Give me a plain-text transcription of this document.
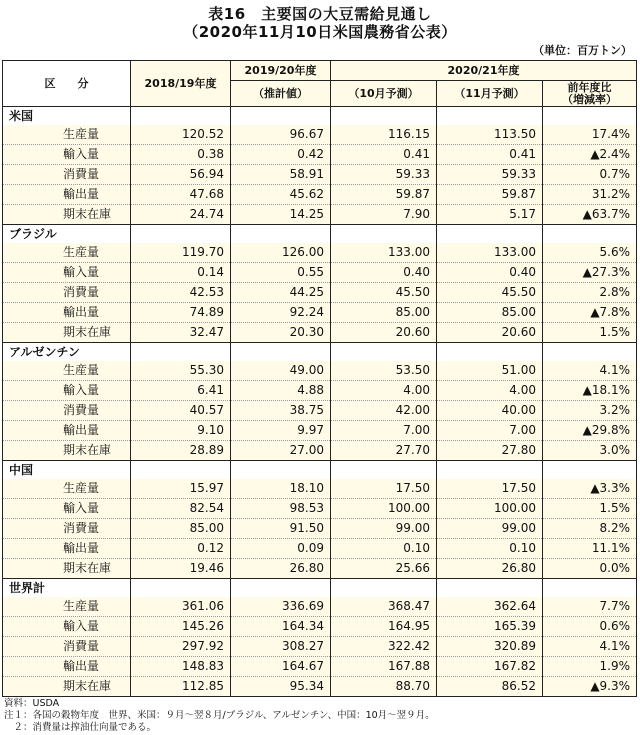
表16　主要国の大豆需給見通し
（2020年11月10日米国農務省公表）
（単位：百万トン）
区　　分	2018/19年度	2019/20年度	2020/21年度		
		（推計値）	（10月予測）	（11月予測）	前年度比
（増減率）
米国					
生産量	120.52	96.67	116.15	113.50	17.4%
輸入量	0.38	0.42	0.41	0.41	▲2.4%
消費量	56.94	58.91	59.33	59.33	0.7%
輸出量	47.68	45.62	59.87	59.87	31.2%
期末在庫	24.74	14.25	7.90	5.17	▲63.7%
ブラジル					
生産量	119.70	126.00	133.00	133.00	5.6%
輸入量	0.14	0.55	0.40	0.40	▲27.3%
消費量	42.53	44.25	45.50	45.50	2.8%
輸出量	74.89	92.24	85.00	85.00	▲7.8%
期末在庫	32.47	20.30	20.60	20.60	1.5%
アルゼンチン					
生産量	55.30	49.00	53.50	51.00	4.1%
輸入量	6.41	4.88	4.00	4.00	▲18.1%
消費量	40.57	38.75	42.00	40.00	3.2%
輸出量	9.10	9.97	7.00	7.00	▲29.8%
期末在庫	28.89	27.00	27.70	27.80	3.0%
中国					
生産量	15.97	18.10	17.50	17.50	▲3.3%
輸入量	82.54	98.53	100.00	100.00	1.5%
消費量	85.00	91.50	99.00	99.00	8.2%
輸出量	0.12	0.09	0.10	0.10	11.1%
期末在庫	19.46	26.80	25.66	26.80	0.0%
世界計					
生産量	361.06	336.69	368.47	362.64	7.7%
輸入量	145.26	164.34	164.95	165.39	0.6%
消費量	297.92	308.27	322.42	320.89	4.1%
輸出量	148.83	164.67	167.88	167.82	1.9%
期末在庫	112.85	95.34	88.70	86.52	▲9.3%
資料：USDA
注１：各国の穀物年度　世界、米国：９月～翌８月/ブラジル、アルゼンチン、中国：10月～翌９月。
　２：消費量は搾油仕向量である。
